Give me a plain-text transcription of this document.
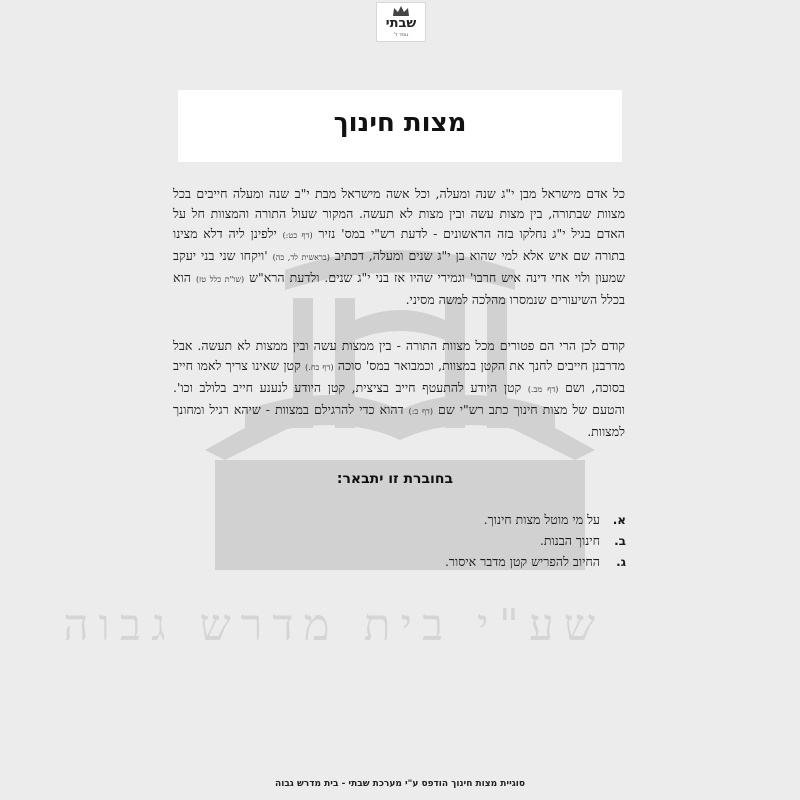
שע"י בית מדרש גבוה
שבתי
נוסד ד'
מצות חינוך

כל אדם מישראל מבן י"ג שנה ומעלה, וכל אשה מישראל מבת י"ב שנה ומעלה חייבים בכל מצוות שבתורה, בין מצות עשה ובין מצות לא תעשה. המקור שעול התורה והמצוות חל על האדם בגיל י"ג נחלקו בזה הראשונים - לדעת רש"י במס' נזיר (דף כט:) ילפינן ליה דלא מצינו בתורה שם איש אלא למי שהוא בן י"ג שנים ומעלה, דכתיב (בראשית לד, כה) 'ויקחו שני בני יעקב שמעון ולוי אחי דינה איש חרבו' וגמירי שהיו אז בני י"ג שנים. ולדעת הרא"ש (שו"ת כלל טז) הוא בכלל השיעורים שנמסרו מהלכה למשה מסיני.

קודם לכן הרי הם פטורים מכל מצוות התורה - בין ממצות עשה ובין ממצות לא תעשה. אבל מדרבנן חייבים לחנך את הקטן במצוות, וכמבואר במס' סוכה (דף כח.) קטן שאינו צריך לאמו חייב בסוכה, ושם (דף מב.) קטן היודע להתעטף חייב בציצית, קטן היודע לנענע חייב בלולב וכו'. והטעם של מצות חינוך כתב רש"י שם (דף ב:) דהוא כדי להרגילם במצוות - שיהא רגיל ומחונך למצוות.

בחוברת זו יתבאר:
א.
על מי מוטל מצות חינוך.
ב.
חינוך הבנות.
ג.
החיוב להפריש קטן מדבר איסור.

סוגיית מצות חינוך הודפס ע"י מערכת שבתי - בית מדרש גבוה
